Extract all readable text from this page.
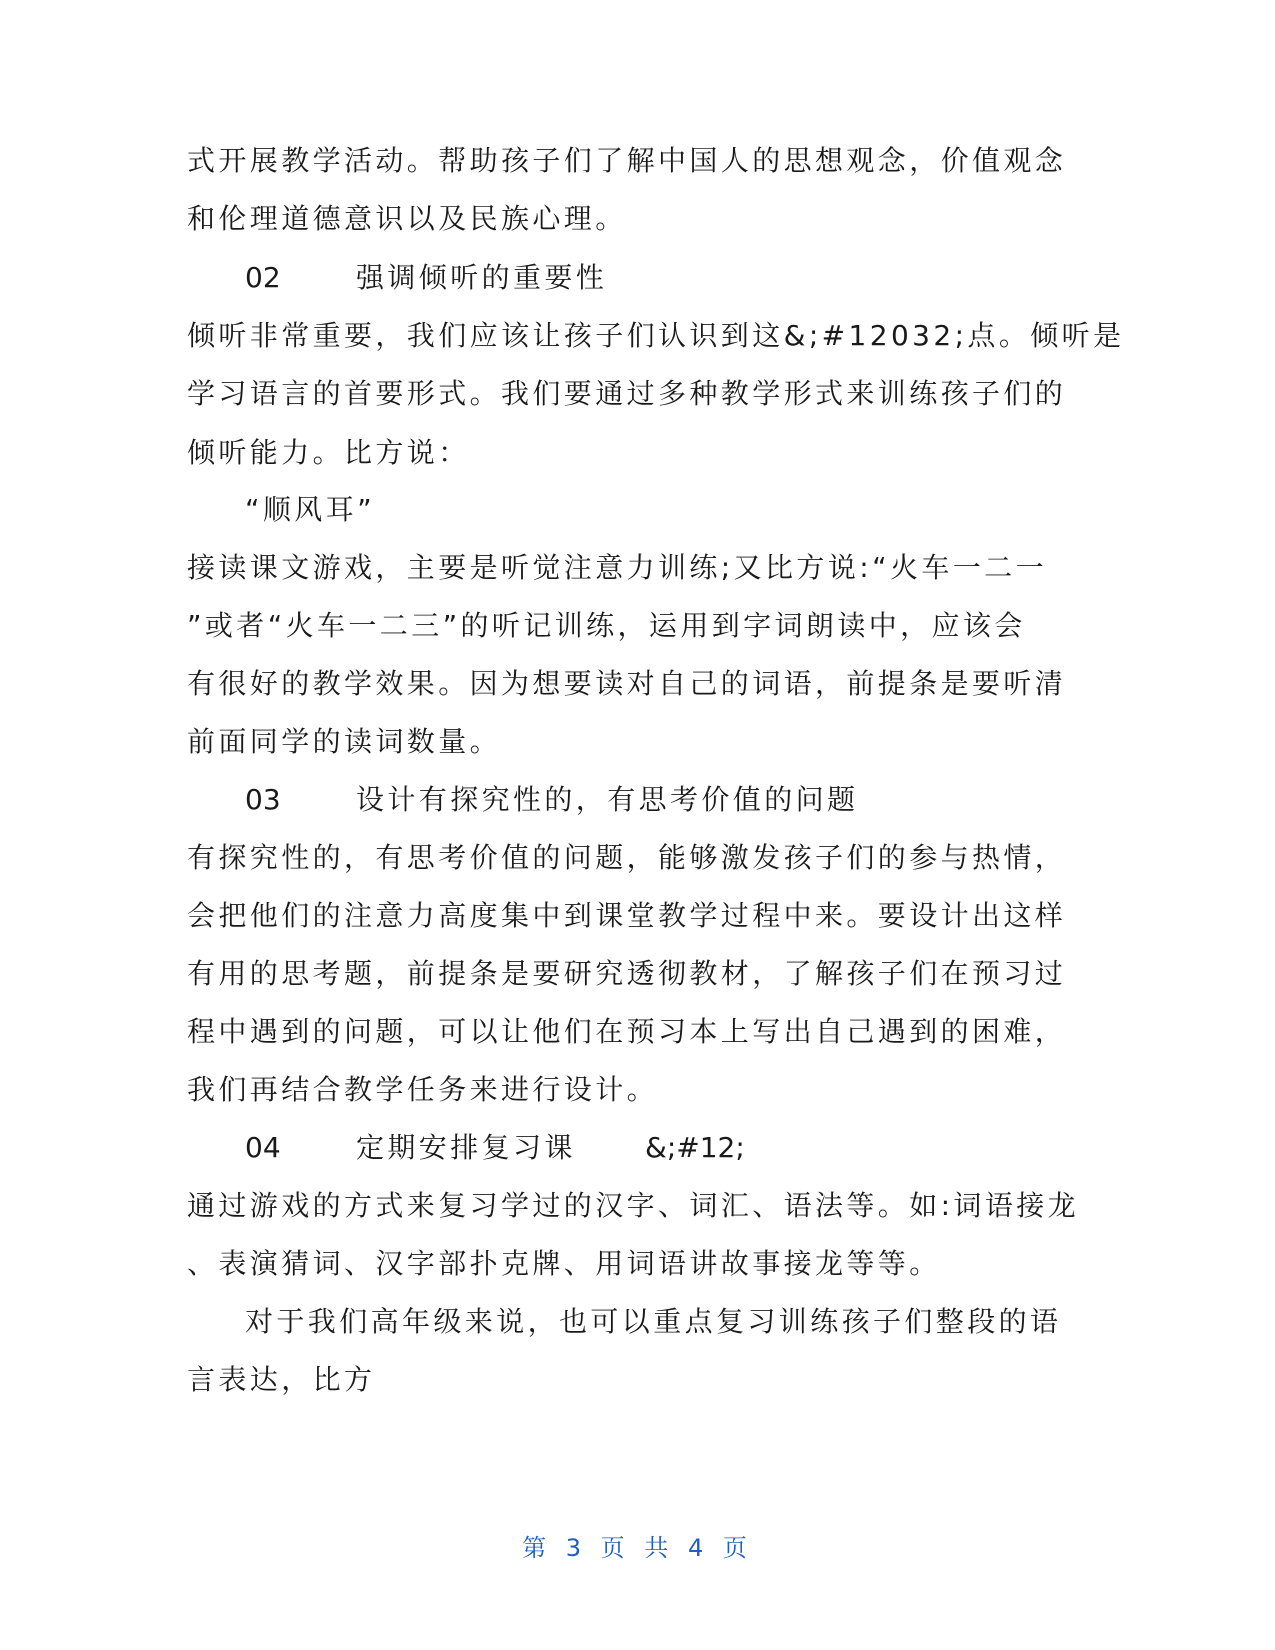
式开展教学活动。帮助孩子们了解中国人的思想观念，价值观念
和伦理道德意识以及民族心理。
02	强调倾听的重要性
倾听非常重要，我们应该让孩子们认识到这&;#12032;点。倾听是
学习语言的首要形式。我们要通过多种教学形式来训练孩子们的
倾听能力。比方说：
“顺风耳”
接读课文游戏，主要是听觉注意力训练;又比方说:“火车一二一
”或者“火车一二三”的听记训练，运用到字词朗读中，应该会
有很好的教学效果。因为想要读对自己的词语，前提条是要听清
前面同学的读词数量。
03	设计有探究性的，有思考价值的问题
有探究性的，有思考价值的问题，能够激发孩子们的参与热情，
会把他们的注意力高度集中到课堂教学过程中来。要设计出这样
有用的思考题，前提条是要研究透彻教材，了解孩子们在预习过
程中遇到的问题，可以让他们在预习本上写出自己遇到的困难，
我们再结合教学任务来进行设计。
04	定期安排复习课 &;#12;
通过游戏的方式来复习学过的汉字、词汇、语法等。如:词语接龙
、表演猜词、汉字部扑克牌、用词语讲故事接龙等等。
对于我们高年级来说，也可以重点复习训练孩子们整段的语
言表达，比方
第 3 页 共 4 页
